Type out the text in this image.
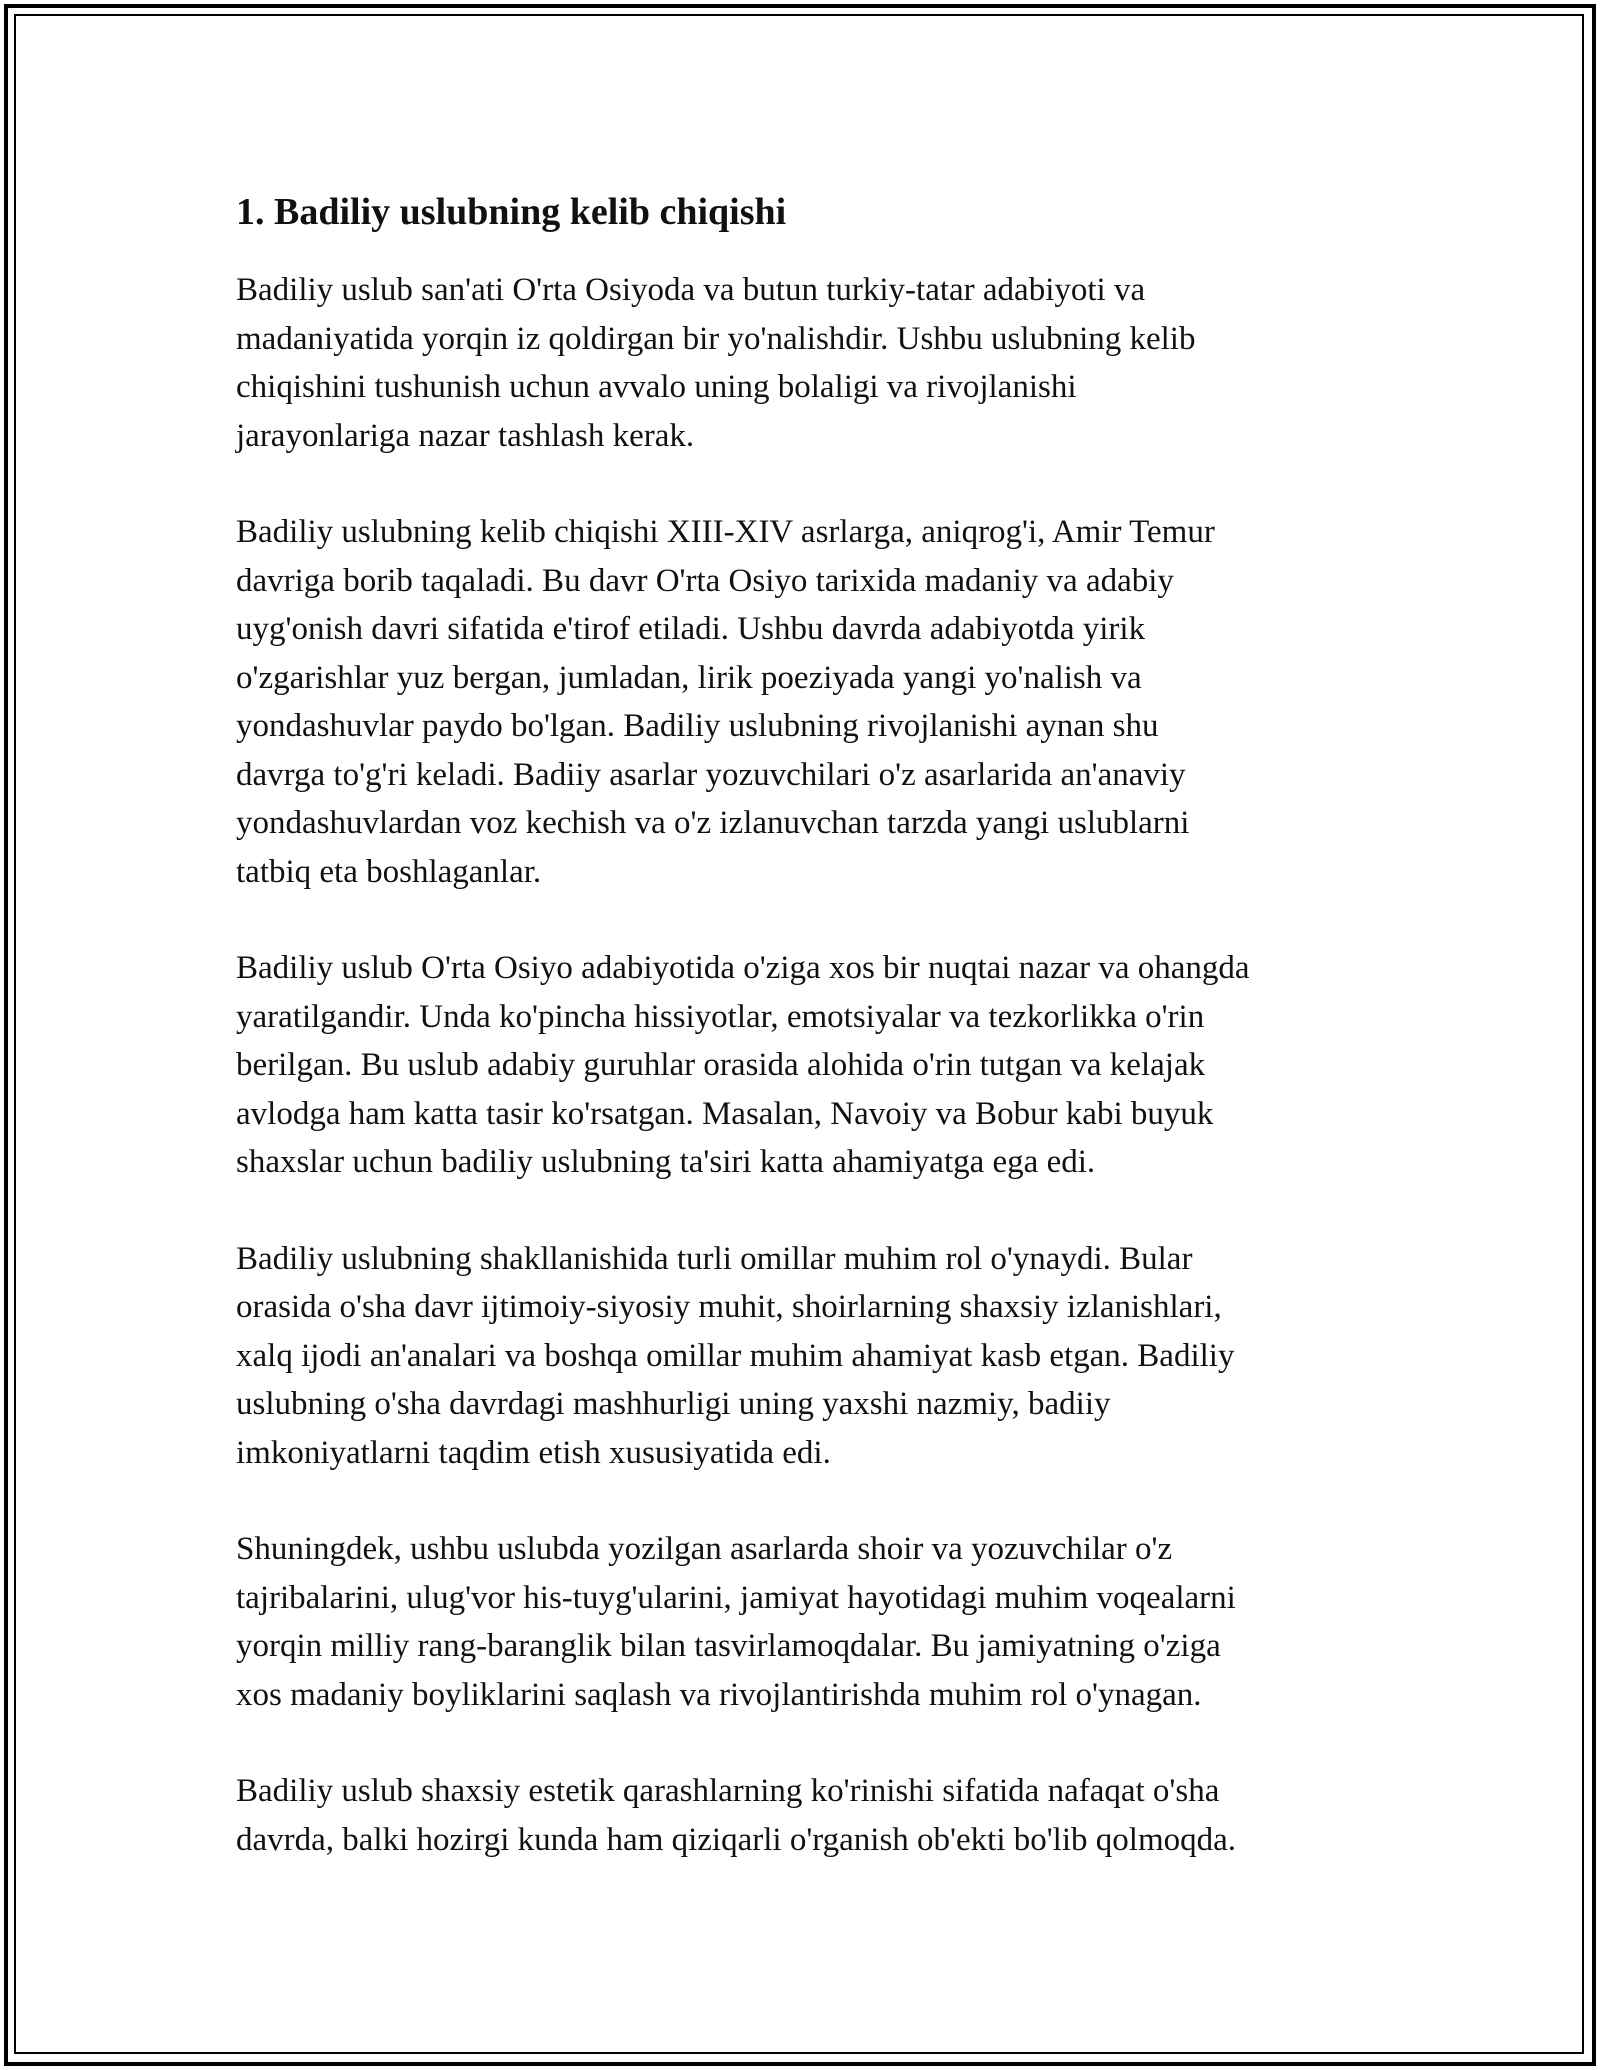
1. Badiliy uslubning kelib chiqishi

Badiliy uslub san'ati O'rta Osiyoda va butun turkiy-tatar adabiyoti va
madaniyatida yorqin iz qoldirgan bir yo'nalishdir. Ushbu uslubning kelib
chiqishini tushunish uchun avvalo uning bolaligi va rivojlanishi
jarayonlariga nazar tashlash kerak.

Badiliy uslubning kelib chiqishi XIII-XIV asrlarga, aniqrog'i, Amir Temur
davriga borib taqaladi. Bu davr O'rta Osiyo tarixida madaniy va adabiy
uyg'onish davri sifatida e'tirof etiladi. Ushbu davrda adabiyotda yirik
o'zgarishlar yuz bergan, jumladan, lirik poeziyada yangi yo'nalish va
yondashuvlar paydo bo'lgan. Badiliy uslubning rivojlanishi aynan shu
davrga to'g'ri keladi. Badiiy asarlar yozuvchilari o'z asarlarida an'anaviy
yondashuvlardan voz kechish va o'z izlanuvchan tarzda yangi uslublarni
tatbiq eta boshlaganlar.

Badiliy uslub O'rta Osiyo adabiyotida o'ziga xos bir nuqtai nazar va ohangda
yaratilgandir. Unda ko'pincha hissiyotlar, emotsiyalar va tezkorlikka o'rin
berilgan. Bu uslub adabiy guruhlar orasida alohida o'rin tutgan va kelajak
avlodga ham katta tasir ko'rsatgan. Masalan, Navoiy va Bobur kabi buyuk
shaxslar uchun badiliy uslubning ta'siri katta ahamiyatga ega edi.

Badiliy uslubning shakllanishida turli omillar muhim rol o'ynaydi. Bular
orasida o'sha davr ijtimoiy-siyosiy muhit, shoirlarning shaxsiy izlanishlari,
xalq ijodi an'analari va boshqa omillar muhim ahamiyat kasb etgan. Badiliy
uslubning o'sha davrdagi mashhurligi uning yaxshi nazmiy, badiiy
imkoniyatlarni taqdim etish xususiyatida edi.

Shuningdek, ushbu uslubda yozilgan asarlarda shoir va yozuvchilar o'z
tajribalarini, ulug'vor his-tuyg'ularini, jamiyat hayotidagi muhim voqealarni
yorqin milliy rang-baranglik bilan tasvirlamoqdalar. Bu jamiyatning o'ziga
xos madaniy boyliklarini saqlash va rivojlantirishda muhim rol o'ynagan.

Badiliy uslub shaxsiy estetik qarashlarning ko'rinishi sifatida nafaqat o'sha
davrda, balki hozirgi kunda ham qiziqarli o'rganish ob'ekti bo'lib qolmoqda.
